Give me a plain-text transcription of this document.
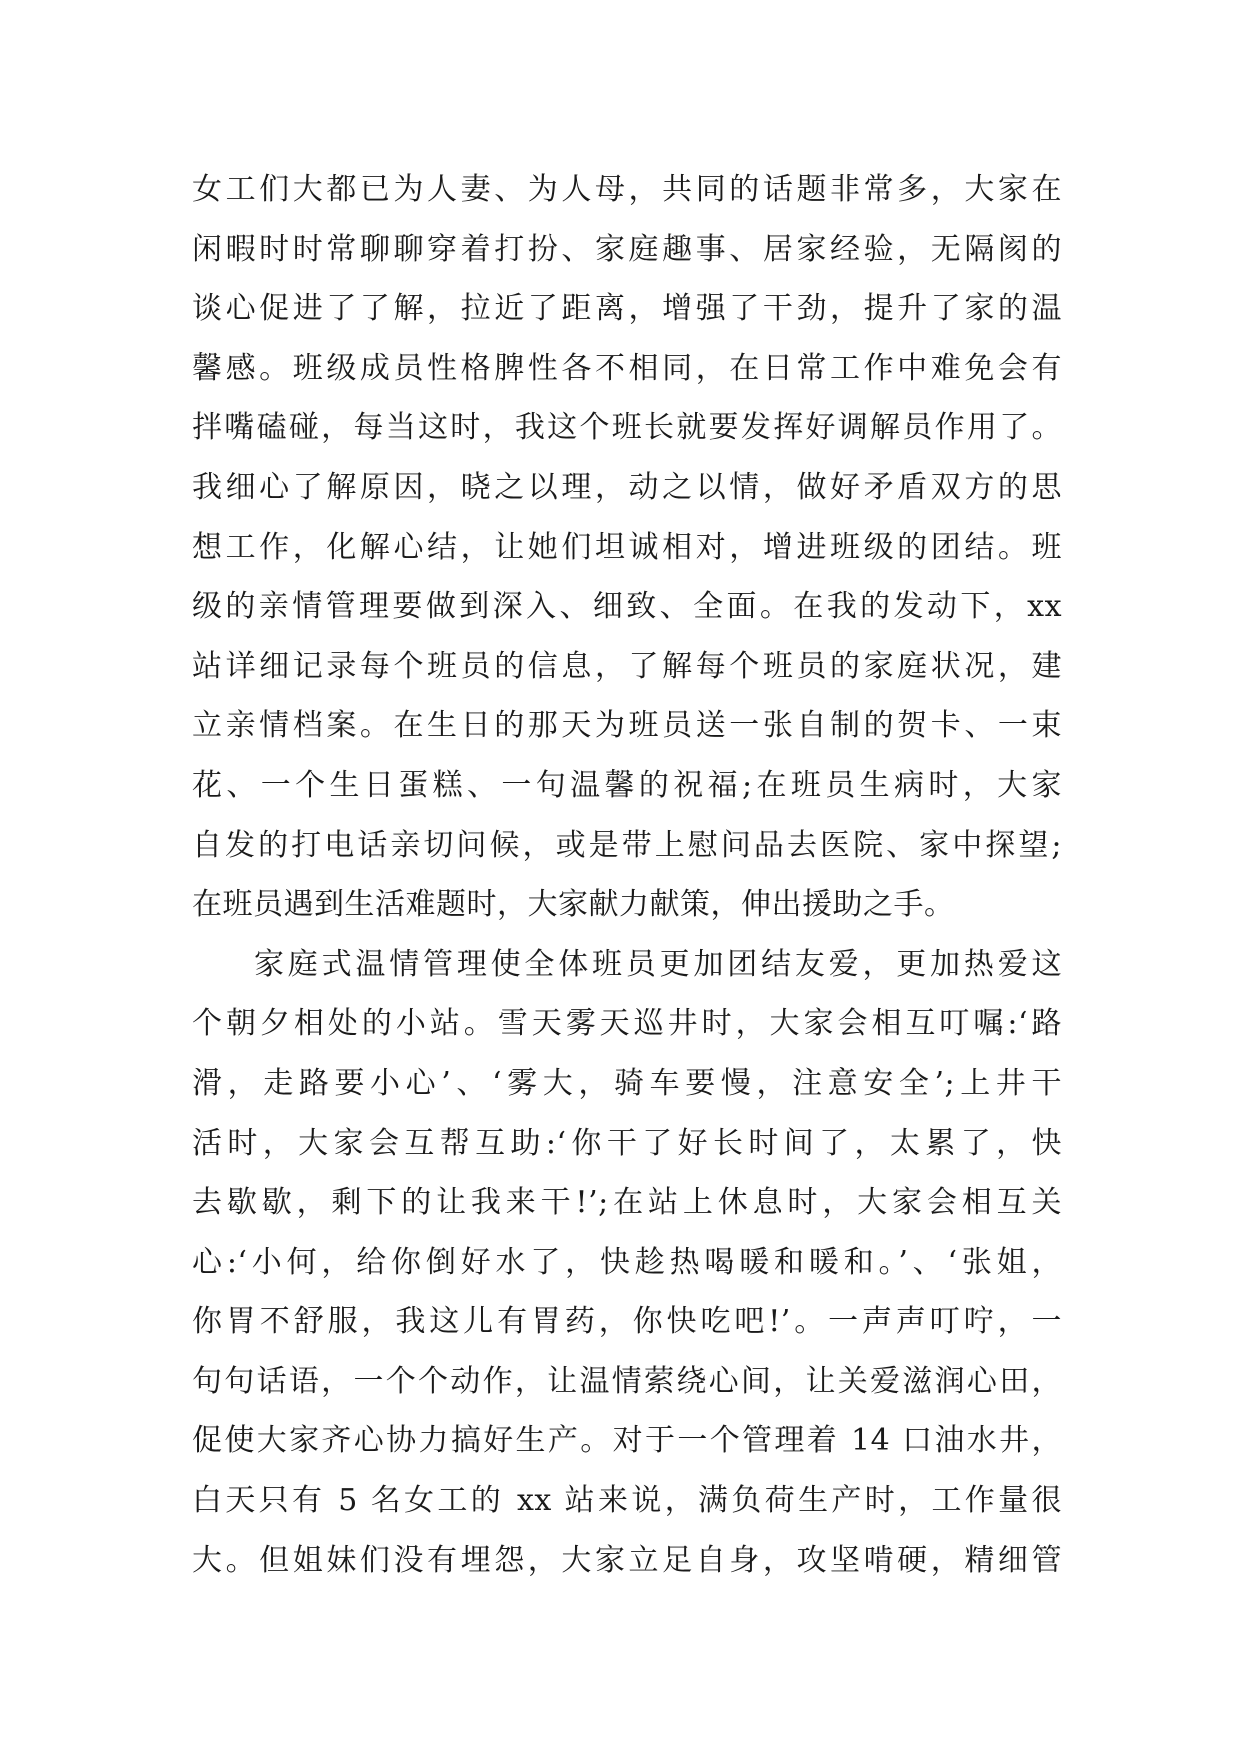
女工们大都已为人妻、为人母，共同的话题非常多，大家在
闲暇时时常聊聊穿着打扮、家庭趣事、居家经验，无隔阂的
谈心促进了了解，拉近了距离，增强了干劲，提升了家的温
馨感。班级成员性格脾性各不相同，在日常工作中难免会有
拌嘴磕碰，每当这时，我这个班长就要发挥好调解员作用了。
我细心了解原因，晓之以理，动之以情，做好矛盾双方的思
想工作，化解心结，让她们坦诚相对，增进班级的团结。班
级的亲情管理要做到深入、细致、全面。在我的发动下，xx
站详细记录每个班员的信息，了解每个班员的家庭状况，建
立亲情档案。在生日的那天为班员送一张自制的贺卡、一束
花、一个生日蛋糕、一句温馨的祝福;在班员生病时，大家
自发的打电话亲切问候，或是带上慰问品去医院、家中探望;
在班员遇到生活难题时，大家献力献策，伸出援助之手。
家庭式温情管理使全体班员更加团结友爱，更加热爱这
个朝夕相处的小站。雪天雾天巡井时，大家会相互叮嘱:‘路
滑，走路要小心’、‘雾大，骑车要慢，注意安全’;上井干
活时，大家会互帮互助:‘你干了好长时间了，太累了，快
去歇歇，剩下的让我来干!’;在站上休息时，大家会相互关
心:‘小何，给你倒好水了，快趁热喝暖和暖和。’、‘张姐，
你胃不舒服，我这儿有胃药，你快吃吧!’。一声声叮咛，一
句句话语，一个个动作，让温情萦绕心间，让关爱滋润心田，
促使大家齐心协力搞好生产。对于一个管理着 14 口油水井，
白天只有 5 名女工的 xx 站来说，满负荷生产时，工作量很
大。但姐妹们没有埋怨，大家立足自身，攻坚啃硬，精细管
